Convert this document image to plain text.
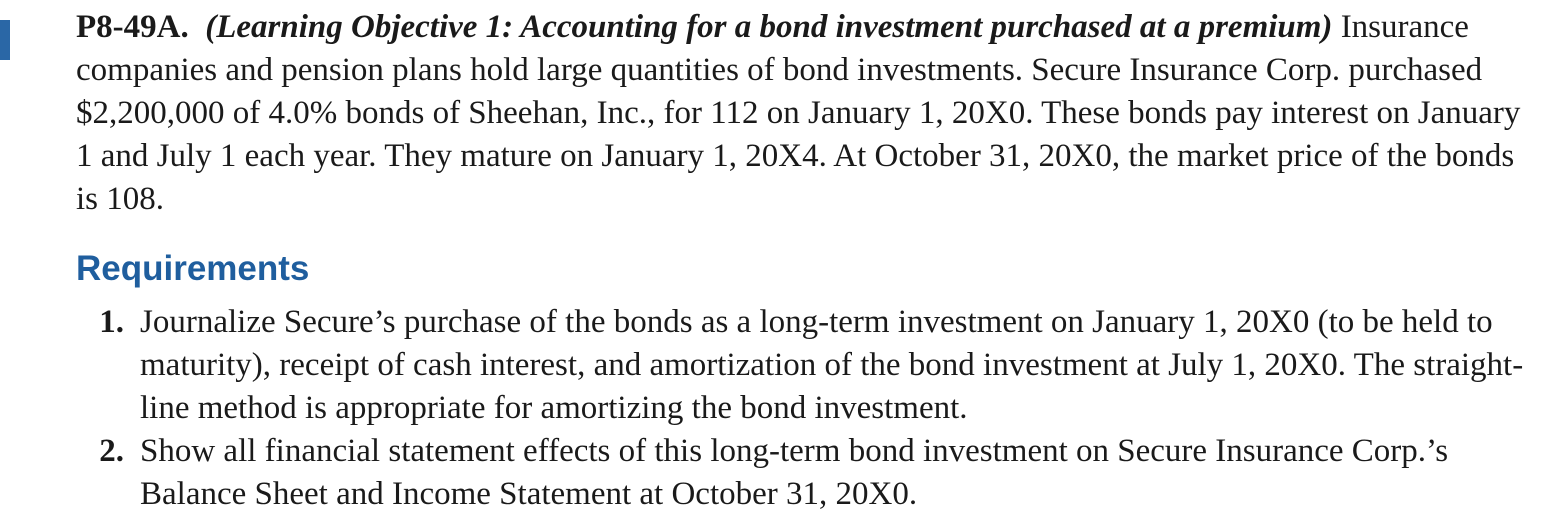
P8-49A. (Learning Objective 1: Accounting for a bond investment purchased at a premium) Insurance companies and pension plans hold large quantities of bond investments. Secure Insurance Corp. purchased $2,200,000 of 4.0% bonds of Sheehan, Inc., for 112 on January 1, 20X0. These bonds pay interest on January 1 and July 1 each year. They mature on January 1, 20X4. At October 31, 20X0, the market price of the bonds is 108.

Requirements
1. Journalize Secure’s purchase of the bonds as a long-term investment on January 1, 20X0 (to be held to maturity), receipt of cash interest, and amortization of the bond investment at July 1, 20X0. The straight-line method is appropriate for amortizing the bond investment.
2. Show all financial statement effects of this long-term bond investment on Secure Insurance Corp.’s Balance Sheet and Income Statement at October 31, 20X0.
